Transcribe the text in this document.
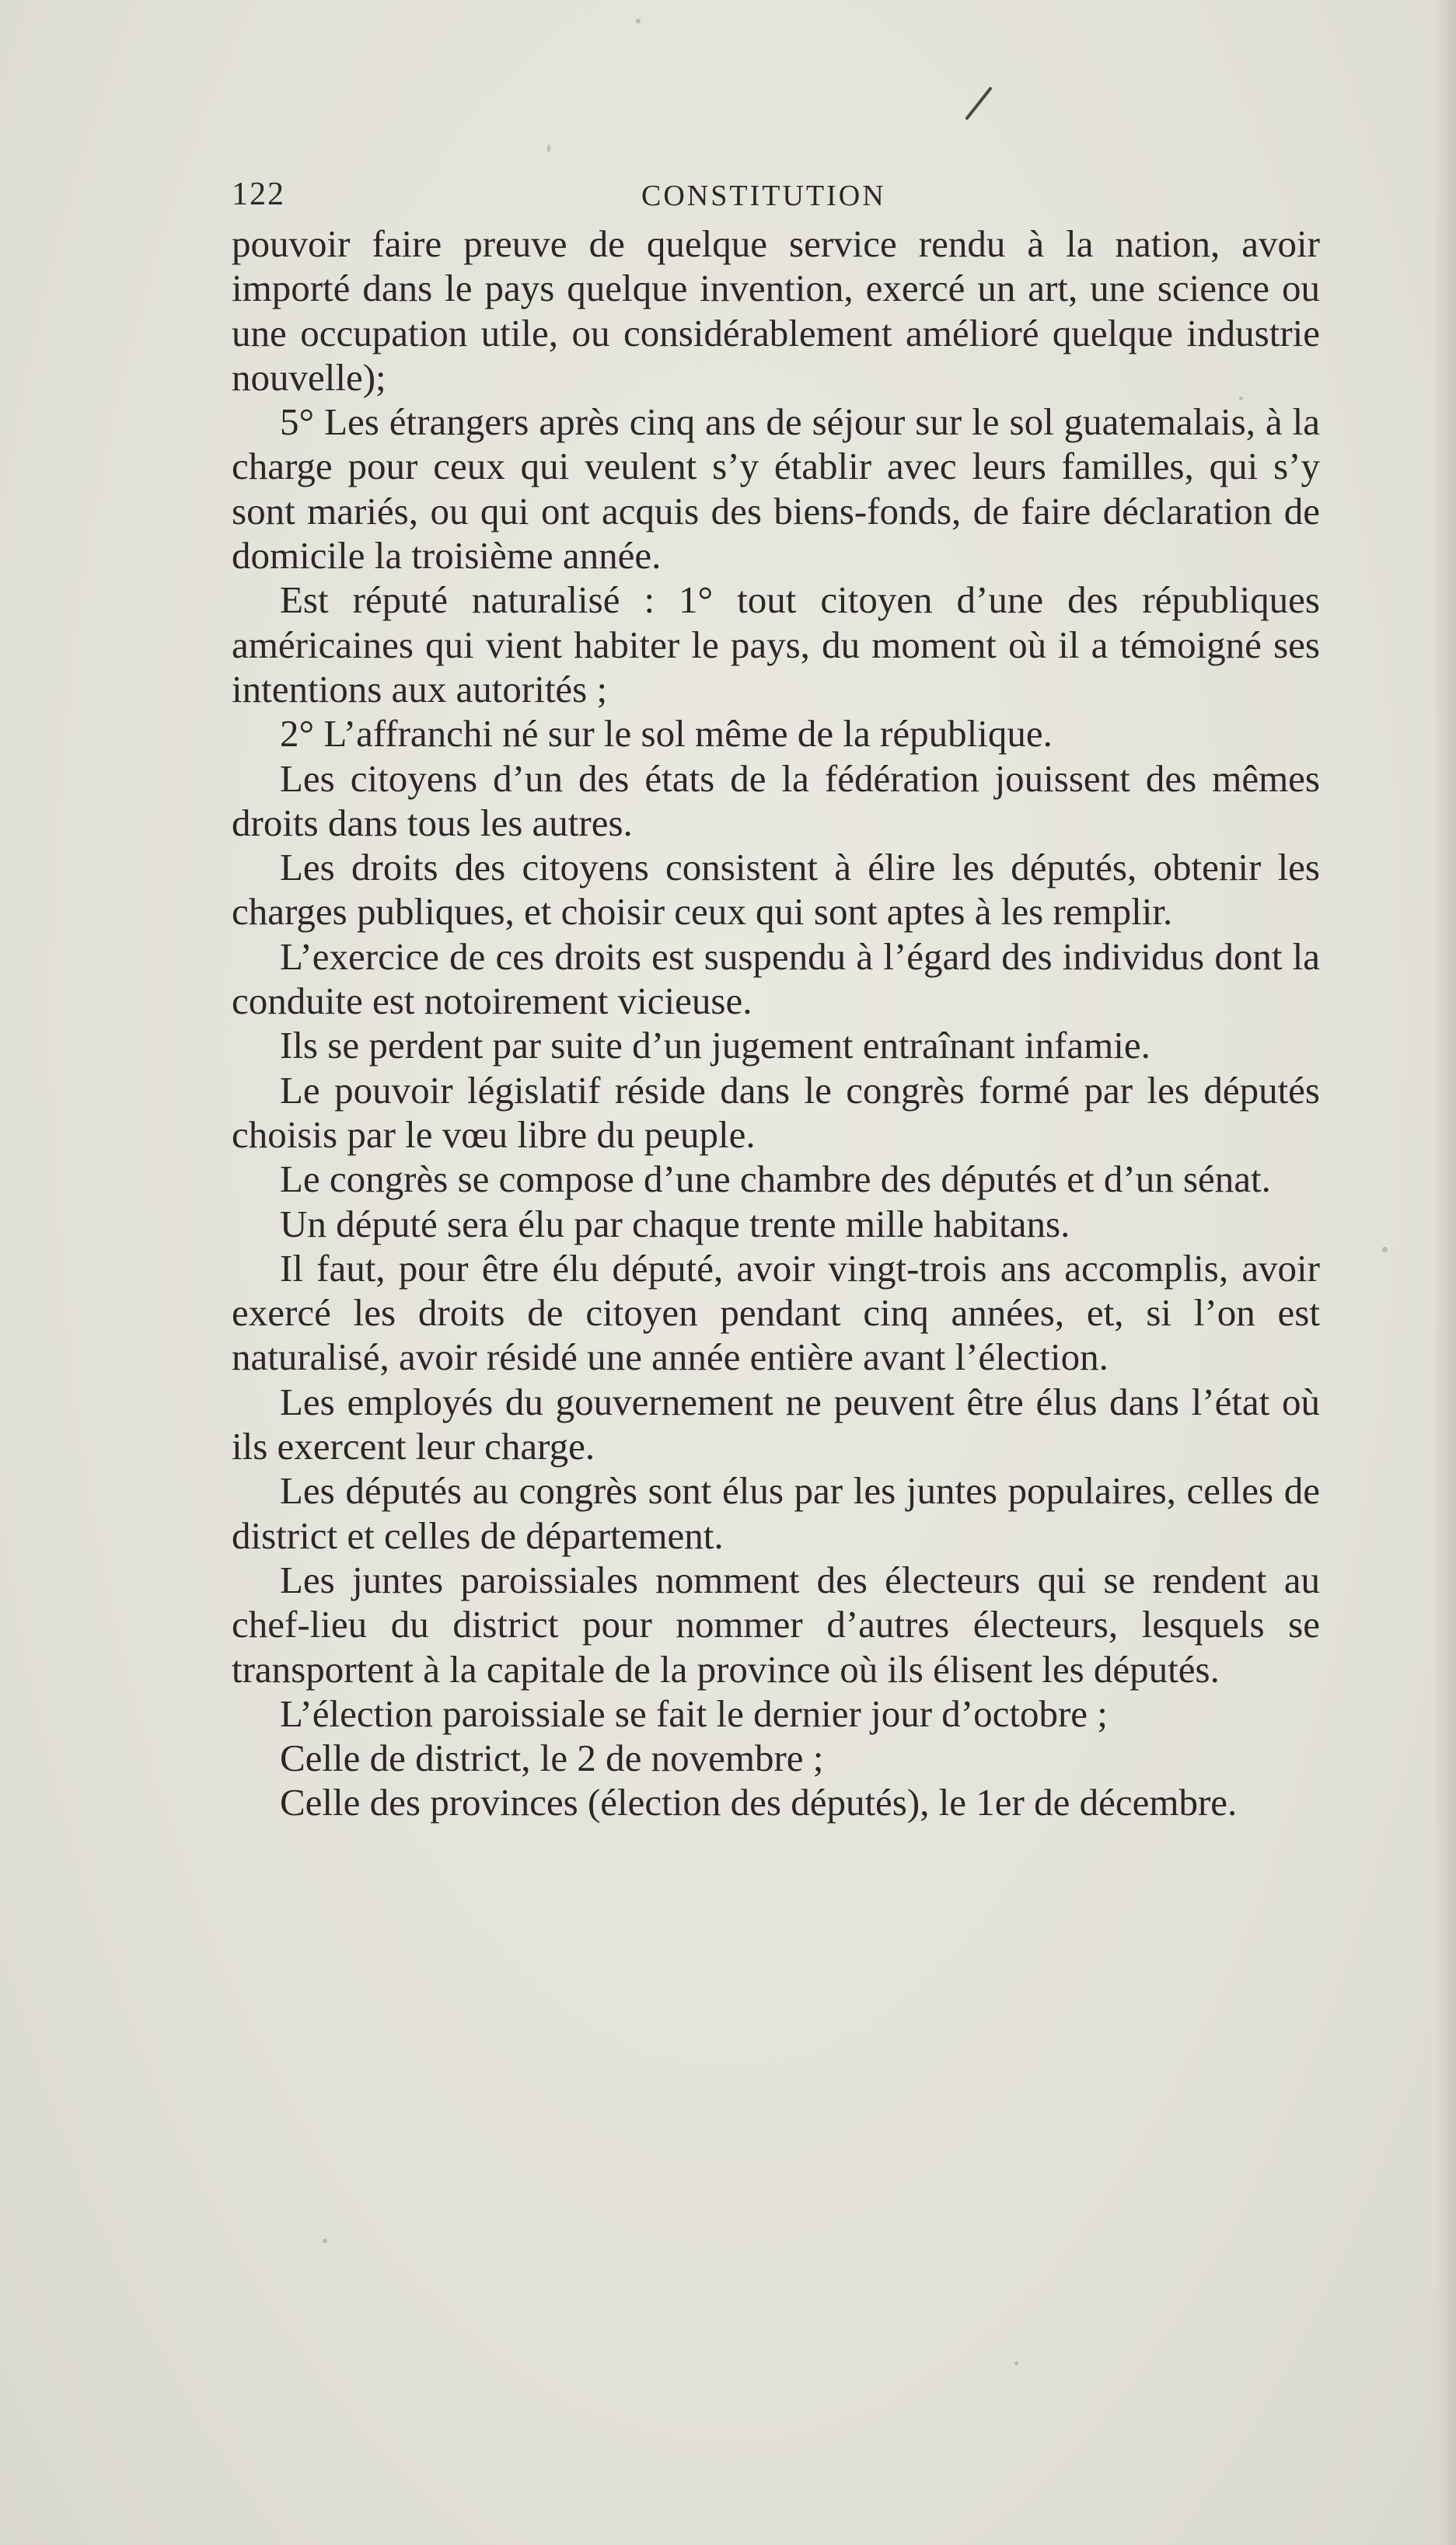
122	CONSTITUTION

pouvoir faire preuve de quelque service rendu à la nation, avoir importé dans le pays quelque invention, exercé un art, une science ou une occupation utile, ou considérablement amélioré quelque industrie nouvelle);

5° Les étrangers après cinq ans de séjour sur le sol guatemalais, à la charge pour ceux qui veulent s’y établir avec leurs familles, qui s’y sont mariés, ou qui ont acquis des biens-fonds, de faire déclaration de domicile la troisième année.

Est réputé naturalisé : 1° tout citoyen d’une des républiques américaines qui vient habiter le pays, du moment où il a témoigné ses intentions aux autorités ;

2° L’affranchi né sur le sol même de la république.

Les citoyens d’un des états de la fédération jouissent des mêmes droits dans tous les autres.

Les droits des citoyens consistent à élire les députés, obtenir les charges publiques, et choisir ceux qui sont aptes à les remplir.

L’exercice de ces droits est suspendu à l’égard des individus dont la conduite est notoirement vicieuse.

Ils se perdent par suite d’un jugement entraînant infamie.

Le pouvoir législatif réside dans le congrès formé par les députés choisis par le vœu libre du peuple.

Le congrès se compose d’une chambre des députés et d’un sénat.

Un député sera élu par chaque trente mille habitans.

Il faut, pour être élu député, avoir vingt-trois ans accomplis, avoir exercé les droits de citoyen pendant cinq années, et, si l’on est naturalisé, avoir résidé une année entière avant l’élection.

Les employés du gouvernement ne peuvent être élus dans l’état où ils exercent leur charge.

Les députés au congrès sont élus par les juntes populaires, celles de district et celles de département.

Les juntes paroissiales nomment des électeurs qui se rendent au chef-lieu du district pour nommer d’autres électeurs, lesquels se transportent à la capitale de la province où ils élisent les députés.

L’élection paroissiale se fait le dernier jour d’octobre ;

Celle de district, le 2 de novembre ;

Celle des provinces (élection des députés), le 1er de décembre.
